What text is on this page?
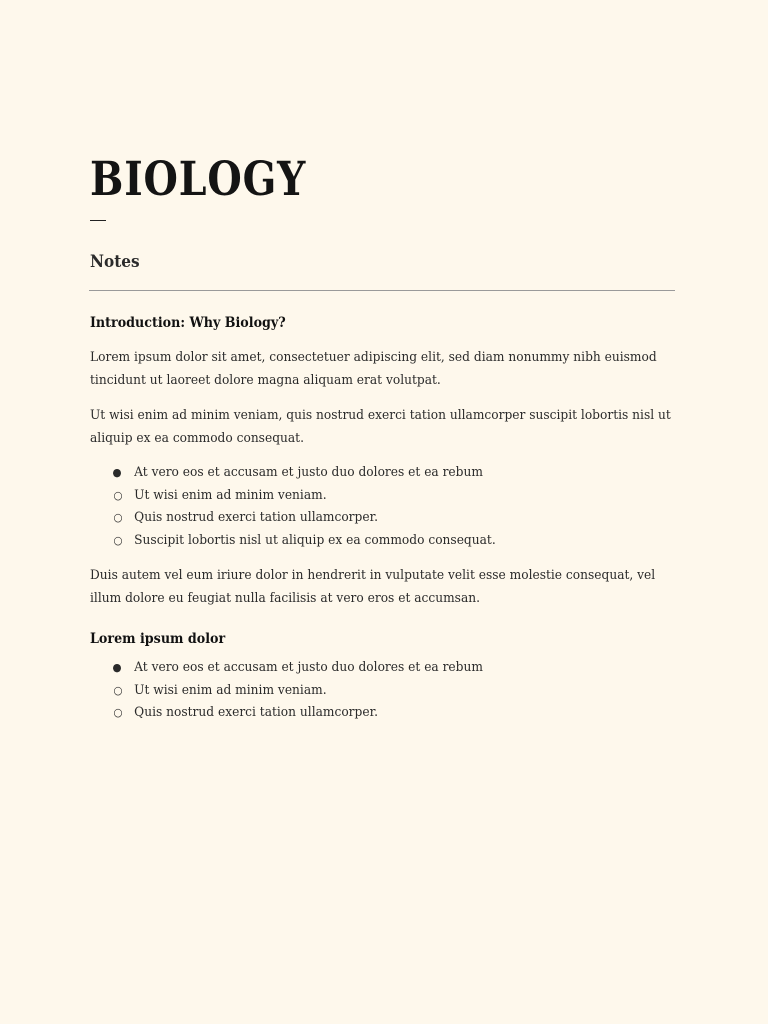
BIOLOGY
Notes
Introduction: Why Biology?

Lorem ipsum dolor sit amet, consectetuer adipiscing elit, sed diam nonummy nibh euismod tincidunt ut laoreet dolore magna aliquam erat volutpat.

Ut wisi enim ad minim veniam, quis nostrud exerci tation ullamcorper suscipit lobortis nisl ut aliquip ex ea commodo consequat.

● At vero eos et accusam et justo duo dolores et ea rebum
○ Ut wisi enim ad minim veniam.
○ Quis nostrud exerci tation ullamcorper.
○ Suscipit lobortis nisl ut aliquip ex ea commodo consequat.

Duis autem vel eum iriure dolor in hendrerit in vulputate velit esse molestie consequat, vel illum dolore eu feugiat nulla facilisis at vero eros et accumsan.

Lorem ipsum dolor
● At vero eos et accusam et justo duo dolores et ea rebum
○ Ut wisi enim ad minim veniam.
○ Quis nostrud exerci tation ullamcorper.
